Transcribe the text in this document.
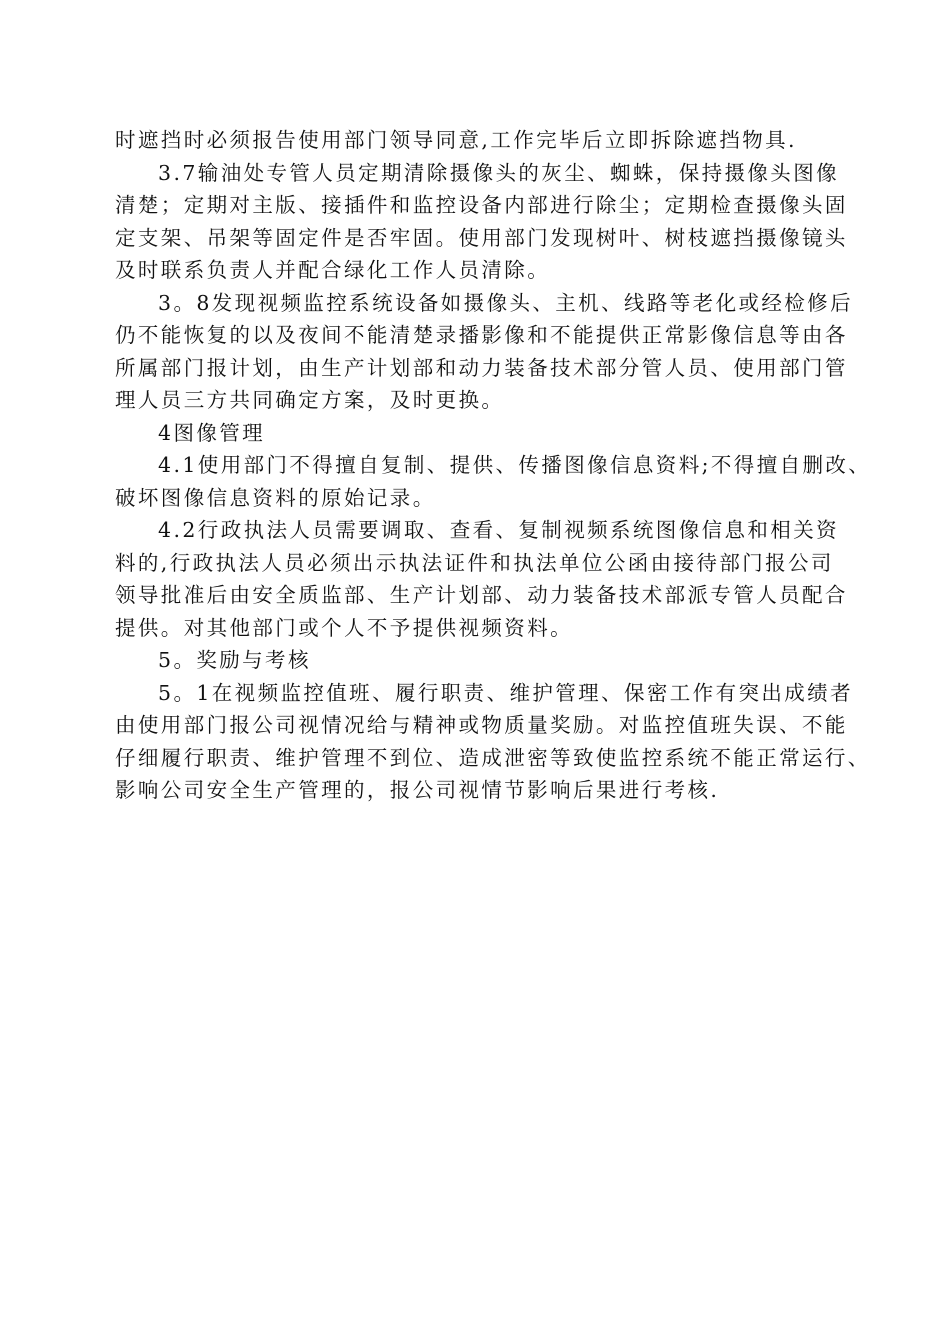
时遮挡时必须报告使用部门领导同意,工作完毕后立即拆除遮挡物具.
3.7输油处专管人员定期清除摄像头的灰尘、蜘蛛，保持摄像头图像
清楚；定期对主版、接插件和监控设备内部进行除尘；定期检查摄像头固
定支架、吊架等固定件是否牢固。使用部门发现树叶、树枝遮挡摄像镜头
及时联系负责人并配合绿化工作人员清除。
3。8发现视频监控系统设备如摄像头、主机、线路等老化或经检修后
仍不能恢复的以及夜间不能清楚录播影像和不能提供正常影像信息等由各
所属部门报计划，由生产计划部和动力装备技术部分管人员、使用部门管
理人员三方共同确定方案，及时更换。
4图像管理
4.1使用部门不得擅自复制、提供、传播图像信息资料;不得擅自删改、
破坏图像信息资料的原始记录。
4.2行政执法人员需要调取、查看、复制视频系统图像信息和相关资
料的,行政执法人员必须出示执法证件和执法单位公函由接待部门报公司
领导批准后由安全质监部、生产计划部、动力装备技术部派专管人员配合
提供。对其他部门或个人不予提供视频资料。
5。奖励与考核
5。1在视频监控值班、履行职责、维护管理、保密工作有突出成绩者
由使用部门报公司视情况给与精神或物质量奖励。对监控值班失误、不能
仔细履行职责、维护管理不到位、造成泄密等致使监控系统不能正常运行、
影响公司安全生产管理的，报公司视情节影响后果进行考核.
